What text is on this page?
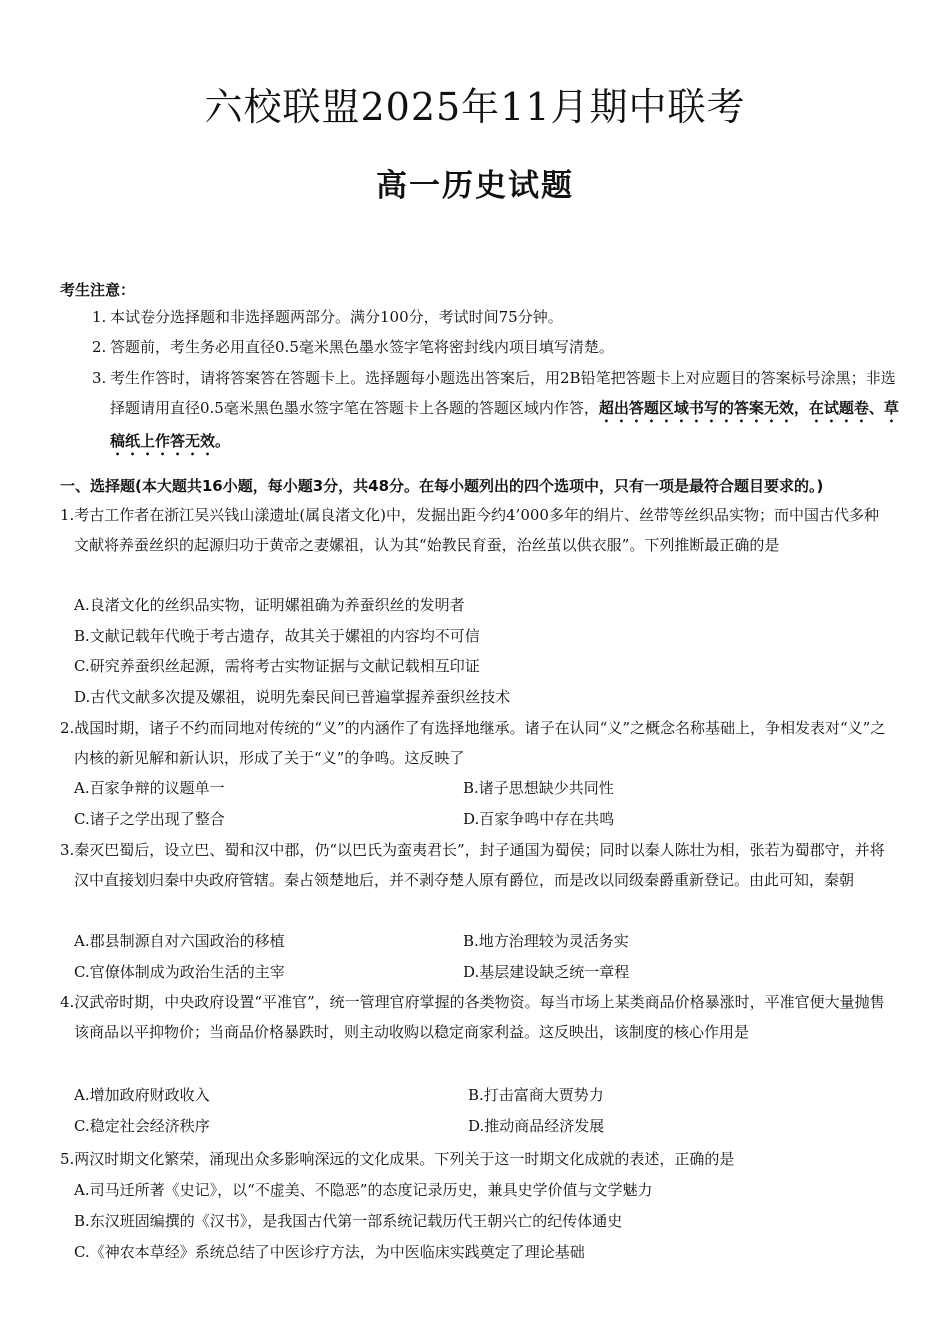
六校联盟2025年11月期中联考
高一历史试题
考生注意：
1. 本试卷分选择题和非选择题两部分。满分100分，考试时间75分钟。
2. 答题前，考生务必用直径0.5毫米黑色墨水签字笔将密封线内项目填写清楚。
3. 考生作答时，请将答案答在答题卡上。选择题每小题选出答案后，用2B铅笔把答题卡上对应题目的答案标号涂黑；非选择题请用直径0.5毫米黑色墨水签字笔在答题卡上各题的答题区域内作答，超出答题区域书写的答案无效，在试题卷、草稿纸上作答无效。
一、选择题(本大题共16小题，每小题3分，共48分。在每小题列出的四个选项中，只有一项是最符合题目要求的。)
1.考古工作者在浙江吴兴钱山漾遗址(属良渚文化)中，发掘出距今约4’000多年的绢片、丝带等丝织品实物；而中国古代多种文献将养蚕丝织的起源归功于黄帝之妻嫘祖，认为其“始教民育蚕，治丝茧以供衣服”。下列推断最正确的是
A.良渚文化的丝织品实物，证明嫘祖确为养蚕织丝的发明者
B.文献记载年代晚于考古遗存，故其关于嫘祖的内容均不可信
C.研究养蚕织丝起源，需将考古实物证据与文献记载相互印证
D.古代文献多次提及嫘祖，说明先秦民间已普遍掌握养蚕织丝技术
2.战国时期，诸子不约而同地对传统的“义”的内涵作了有选择地继承。诸子在认同“义”之概念名称基础上，争相发表对“义”之内核的新见解和新认识，形成了关于“义”的争鸣。这反映了
A.百家争辩的议题单一	B.诸子思想缺少共同性
C.诸子之学出现了整合	D.百家争鸣中存在共鸣
3.秦灭巴蜀后，设立巴、蜀和汉中郡，仍“以巴氏为蛮夷君长”，封子通国为蜀侯；同时以秦人陈壮为相，张若为蜀郡守，并将汉中直接划归秦中央政府管辖。秦占领楚地后，并不剥夺楚人原有爵位，而是改以同级秦爵重新登记。由此可知，秦朝
A.郡县制源自对六国政治的移植	B.地方治理较为灵活务实
C.官僚体制成为政治生活的主宰	D.基层建设缺乏统一章程
4.汉武帝时期，中央政府设置“平准官”，统一管理官府掌握的各类物资。每当市场上某类商品价格暴涨时，平准官便大量抛售该商品以平抑物价；当商品价格暴跌时，则主动收购以稳定商家利益。这反映出，该制度的核心作用是
A.增加政府财政收入	B.打击富商大贾势力
C.稳定社会经济秩序	D.推动商品经济发展
5.两汉时期文化繁荣，涌现出众多影响深远的文化成果。下列关于这一时期文化成就的表述，正确的是
A.司马迁所著《史记》，以“不虚美、不隐恶”的态度记录历史，兼具史学价值与文学魅力
B.东汉班固编撰的《汉书》，是我国古代第一部系统记载历代王朝兴亡的纪传体通史
C.《神农本草经》系统总结了中医诊疗方法，为中医临床实践奠定了理论基础
